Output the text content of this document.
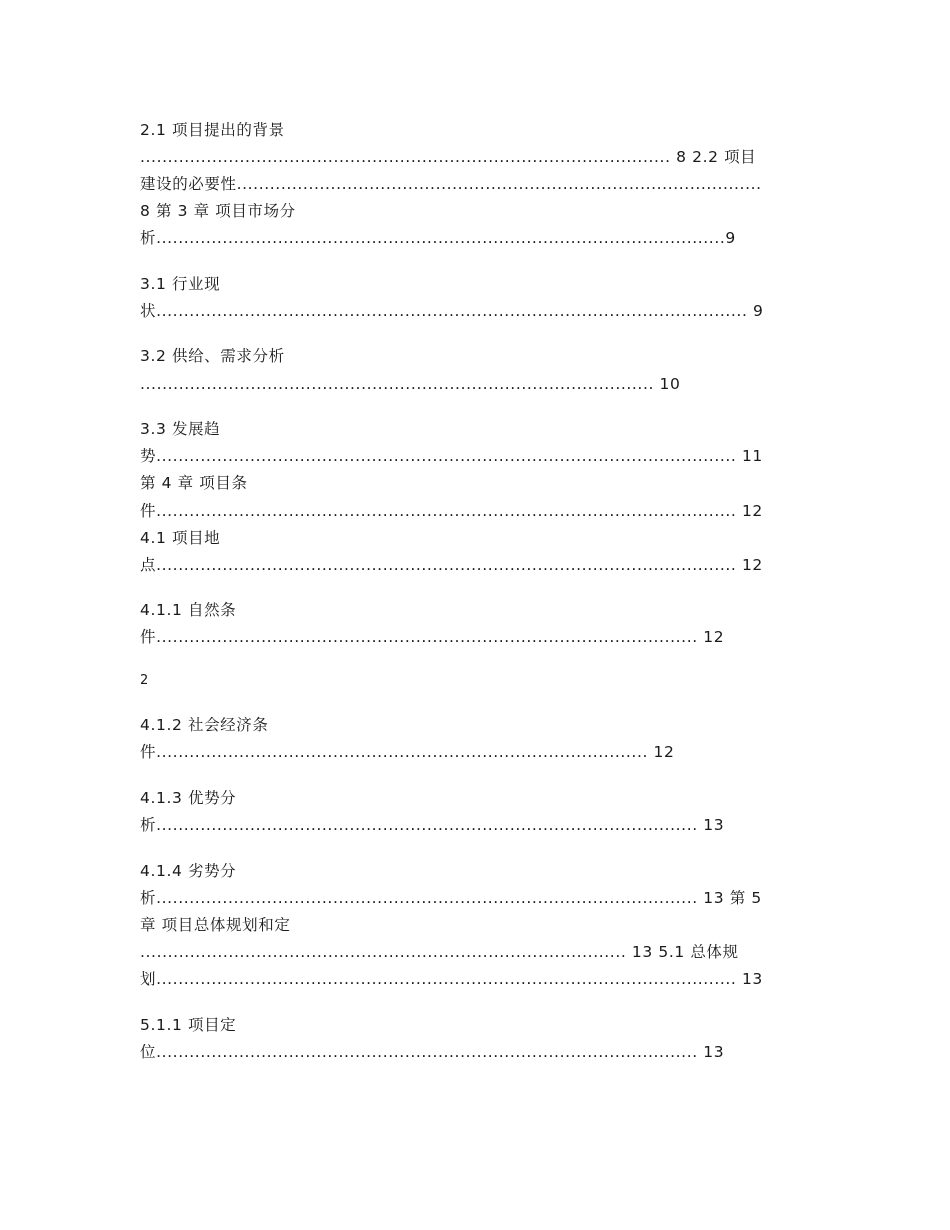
2.1 项目提出的背景
................................................................................................ 8 2.2 项目
建设的必要性...............................................................................................
8 第 3 章 项目市场分
析.......................................................................................................9
3.1 行业现
状........................................................................................................... 9
3.2 供给、需求分析
............................................................................................. 10
3.3 发展趋
势......................................................................................................... 11
第 4 章 项目条
件......................................................................................................... 12
4.1 项目地
点......................................................................................................... 12
4.1.1 自然条
件.................................................................................................. 12
2
4.1.2 社会经济条
件......................................................................................... 12
4.1.3 优势分
析.................................................................................................. 13
4.1.4 劣势分
析.................................................................................................. 13 第 5
章 项目总体规划和定
........................................................................................ 13 5.1 总体规
划......................................................................................................... 13
5.1.1 项目定
位.................................................................................................. 13
